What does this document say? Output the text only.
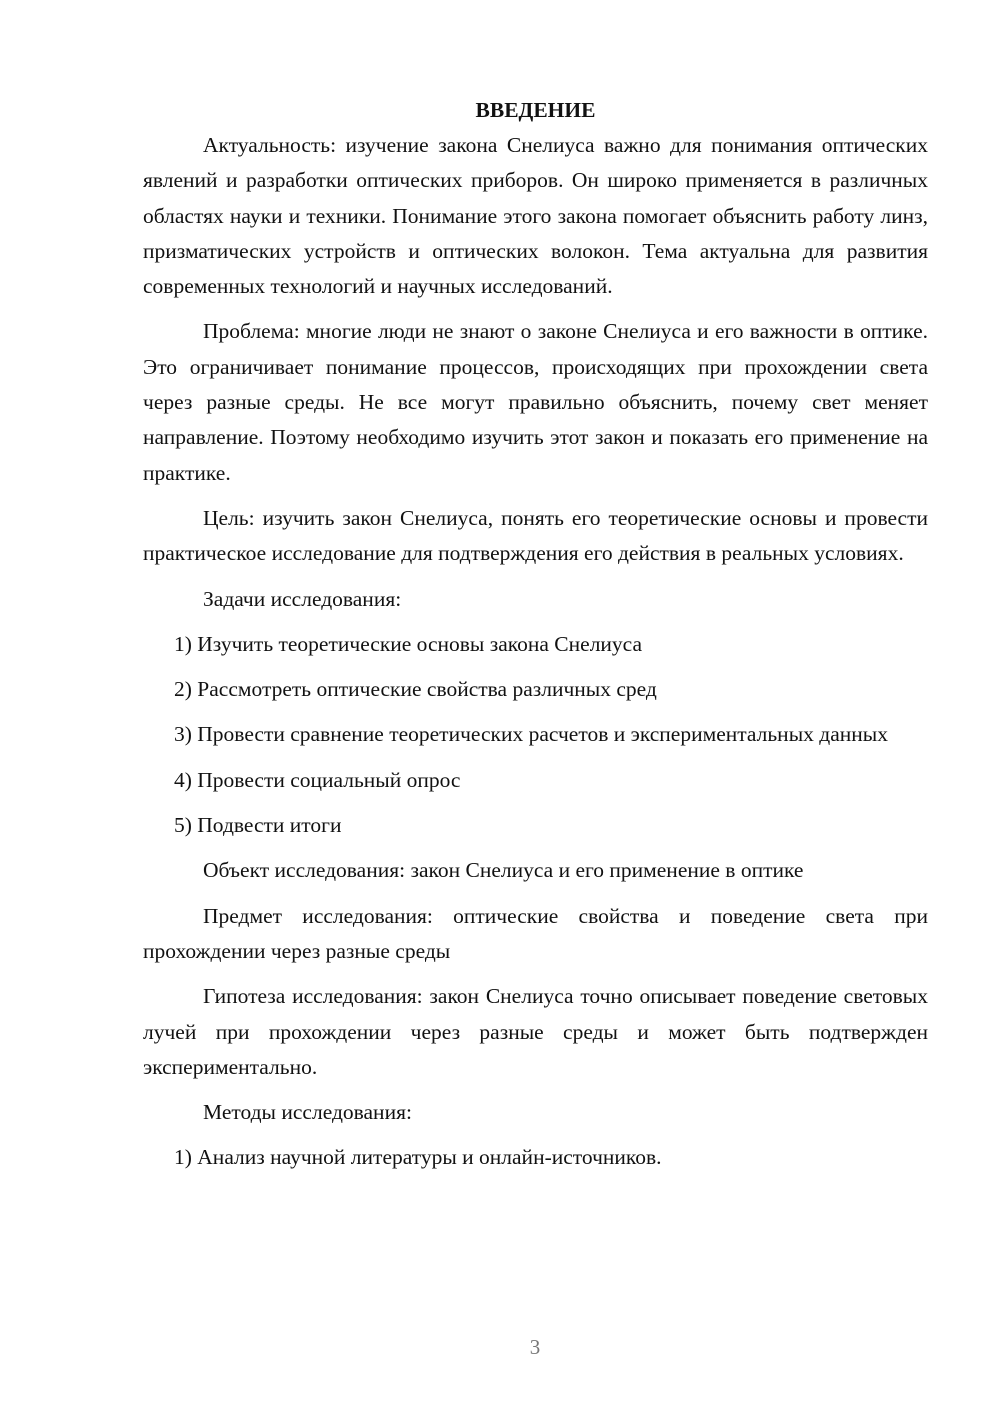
ВВЕДЕНИЕ

Актуальность: изучение закона Снелиуса важно для понимания оптических явлений и разработки оптических приборов. Он широко применяется в различных областях науки и техники. Понимание этого закона помогает объяснить работу линз, призматических устройств и оптических волокон. Тема актуальна для развития современных технологий и научных исследований.

Проблема: многие люди не знают о законе Снелиуса и его важности в оптике. Это ограничивает понимание процессов, происходящих при прохождении света через разные среды. Не все могут правильно объяснить, почему свет меняет направление. Поэтому необходимо изучить этот закон и показать его применение на практике.

Цель: изучить закон Снелиуса, понять его теоретические основы и провести практическое исследование для подтверждения его действия в реальных условиях.

Задачи исследования:

1) Изучить теоретические основы закона Снелиуса

2) Рассмотреть оптические свойства различных сред

3) Провести сравнение теоретических расчетов и экспериментальных данных

4) Провести социальный опрос

5) Подвести итоги

Объект исследования: закон Снелиуса и его применение в оптике

Предмет исследования: оптические свойства и поведение света при прохождении через разные среды

Гипотеза исследования: закон Снелиуса точно описывает поведение световых лучей при прохождении через разные среды и может быть подтвержден экспериментально.

Методы исследования:

1) Анализ научной литературы и онлайн-источников.

3
